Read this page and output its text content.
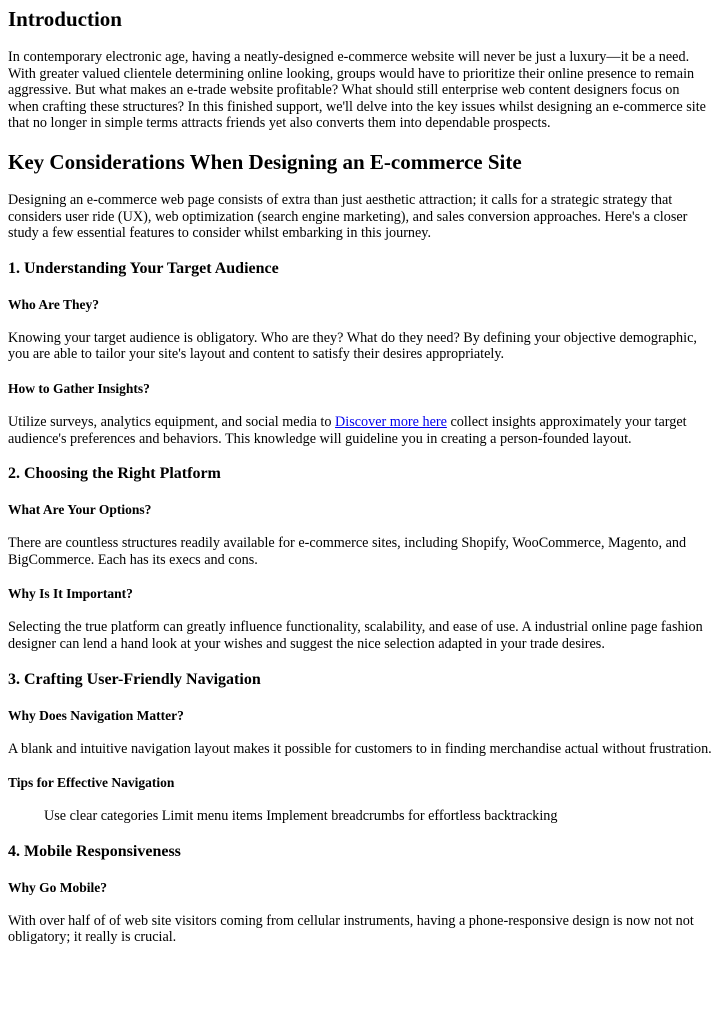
Introduction

In contemporary electronic age, having a neatly-designed e-commerce website will never be just a luxury—it be a need. With greater valued clientele determining online looking, groups would have to prioritize their online presence to remain aggressive. But what makes an e-trade website profitable? What should still enterprise web content designers focus on when crafting these structures? In this finished support, we'll delve into the key issues whilst designing an e-commerce site that no longer in simple terms attracts friends yet also converts them into dependable prospects.

Key Considerations When Designing an E-commerce Site

Designing an e-commerce web page consists of extra than just aesthetic attraction; it calls for a strategic strategy that considers user ride (UX), web optimization (search engine marketing), and sales conversion approaches. Here's a closer study a few essential features to consider whilst embarking in this journey.

1. Understanding Your Target Audience
Who Are They?

Knowing your target audience is obligatory. Who are they? What do they need? By defining your objective demographic, you are able to tailor your site's layout and content to satisfy their desires appropriately.

How to Gather Insights?

Utilize surveys, analytics equipment, and social media to Discover more here collect insights approximately your target audience's preferences and behaviors. This knowledge will guideline you in creating a person-founded layout.

2. Choosing the Right Platform
What Are Your Options?

There are countless structures readily available for e-commerce sites, including Shopify, WooCommerce, Magento, and BigCommerce. Each has its execs and cons.

Why Is It Important?

Selecting the true platform can greatly influence functionality, scalability, and ease of use. A industrial online page fashion designer can lend a hand look at your wishes and suggest the nice selection adapted in your trade desires.

3. Crafting User-Friendly Navigation
Why Does Navigation Matter?

A blank and intuitive navigation layout makes it possible for customers to in finding merchandise actual without frustration.

Tips for Effective Navigation

Use clear categories Limit menu items Implement breadcrumbs for effortless backtracking

4. Mobile Responsiveness
Why Go Mobile?

With over half of of web site visitors coming from cellular instruments, having a phone-responsive design is now not not obligatory; it really is crucial.
